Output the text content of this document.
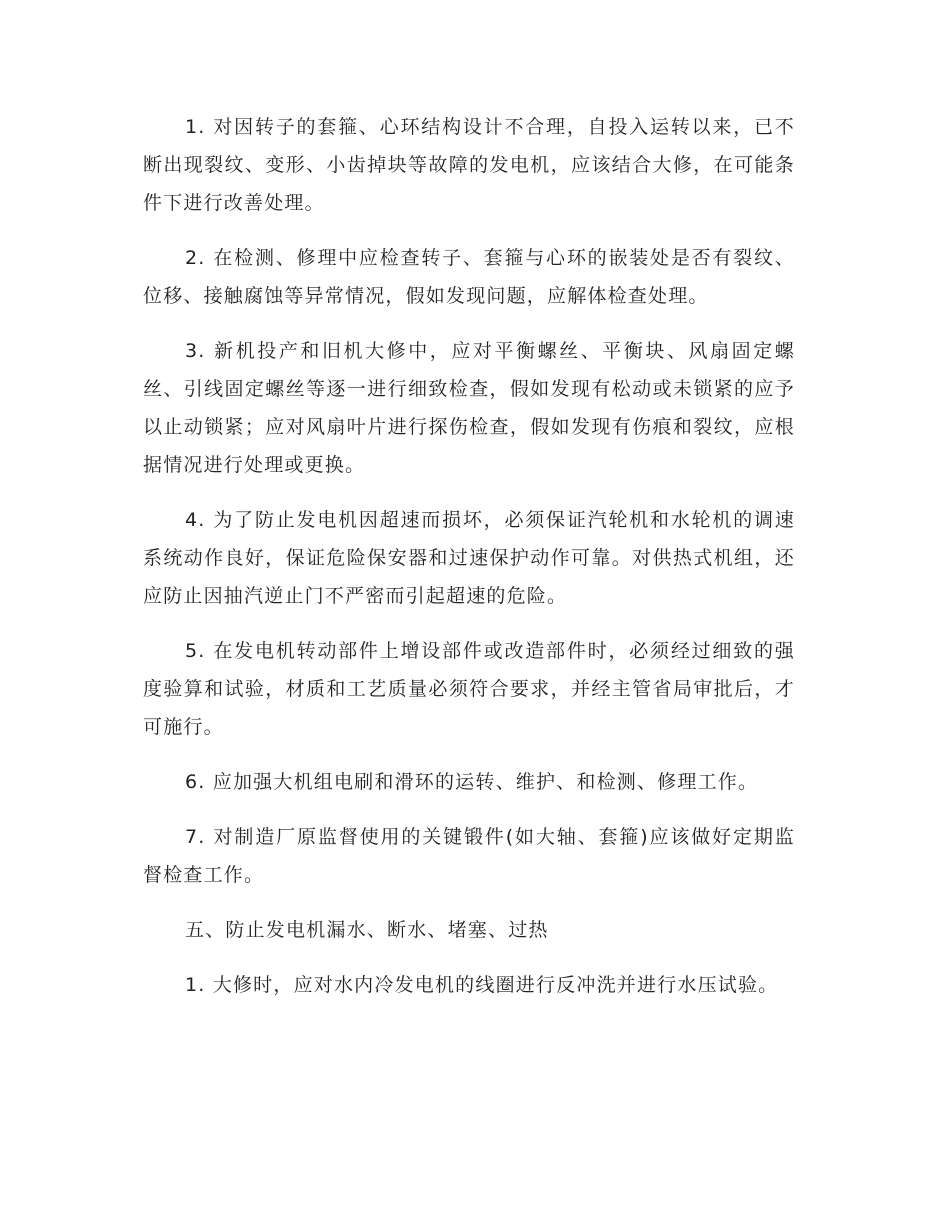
1. 对因转子的套箍、心环结构设计不合理，自投入运转以来，已不断出现裂纹、变形、小齿掉块等故障的发电机，应该结合大修，在可能条件下进行改善处理。

2. 在检测、修理中应检查转子、套箍与心环的嵌装处是否有裂纹、位移、接触腐蚀等异常情况，假如发现问题，应解体检查处理。

3. 新机投产和旧机大修中，应对平衡螺丝、平衡块、风扇固定螺丝、引线固定螺丝等逐一进行细致检查，假如发现有松动或未锁紧的应予以止动锁紧；应对风扇叶片进行探伤检查，假如发现有伤痕和裂纹，应根据情况进行处理或更换。

4. 为了防止发电机因超速而损坏，必须保证汽轮机和水轮机的调速系统动作良好，保证危险保安器和过速保护动作可靠。对供热式机组，还应防止因抽汽逆止门不严密而引起超速的危险。

5. 在发电机转动部件上增设部件或改造部件时，必须经过细致的强度验算和试验，材质和工艺质量必须符合要求，并经主管省局审批后，才可施行。

6. 应加强大机组电刷和滑环的运转、维护、和检测、修理工作。

7. 对制造厂原监督使用的关键锻件(如大轴、套箍)应该做好定期监督检查工作。

五、防止发电机漏水、断水、堵塞、过热

1. 大修时，应对水内冷发电机的线圈进行反冲洗并进行水压试验。
